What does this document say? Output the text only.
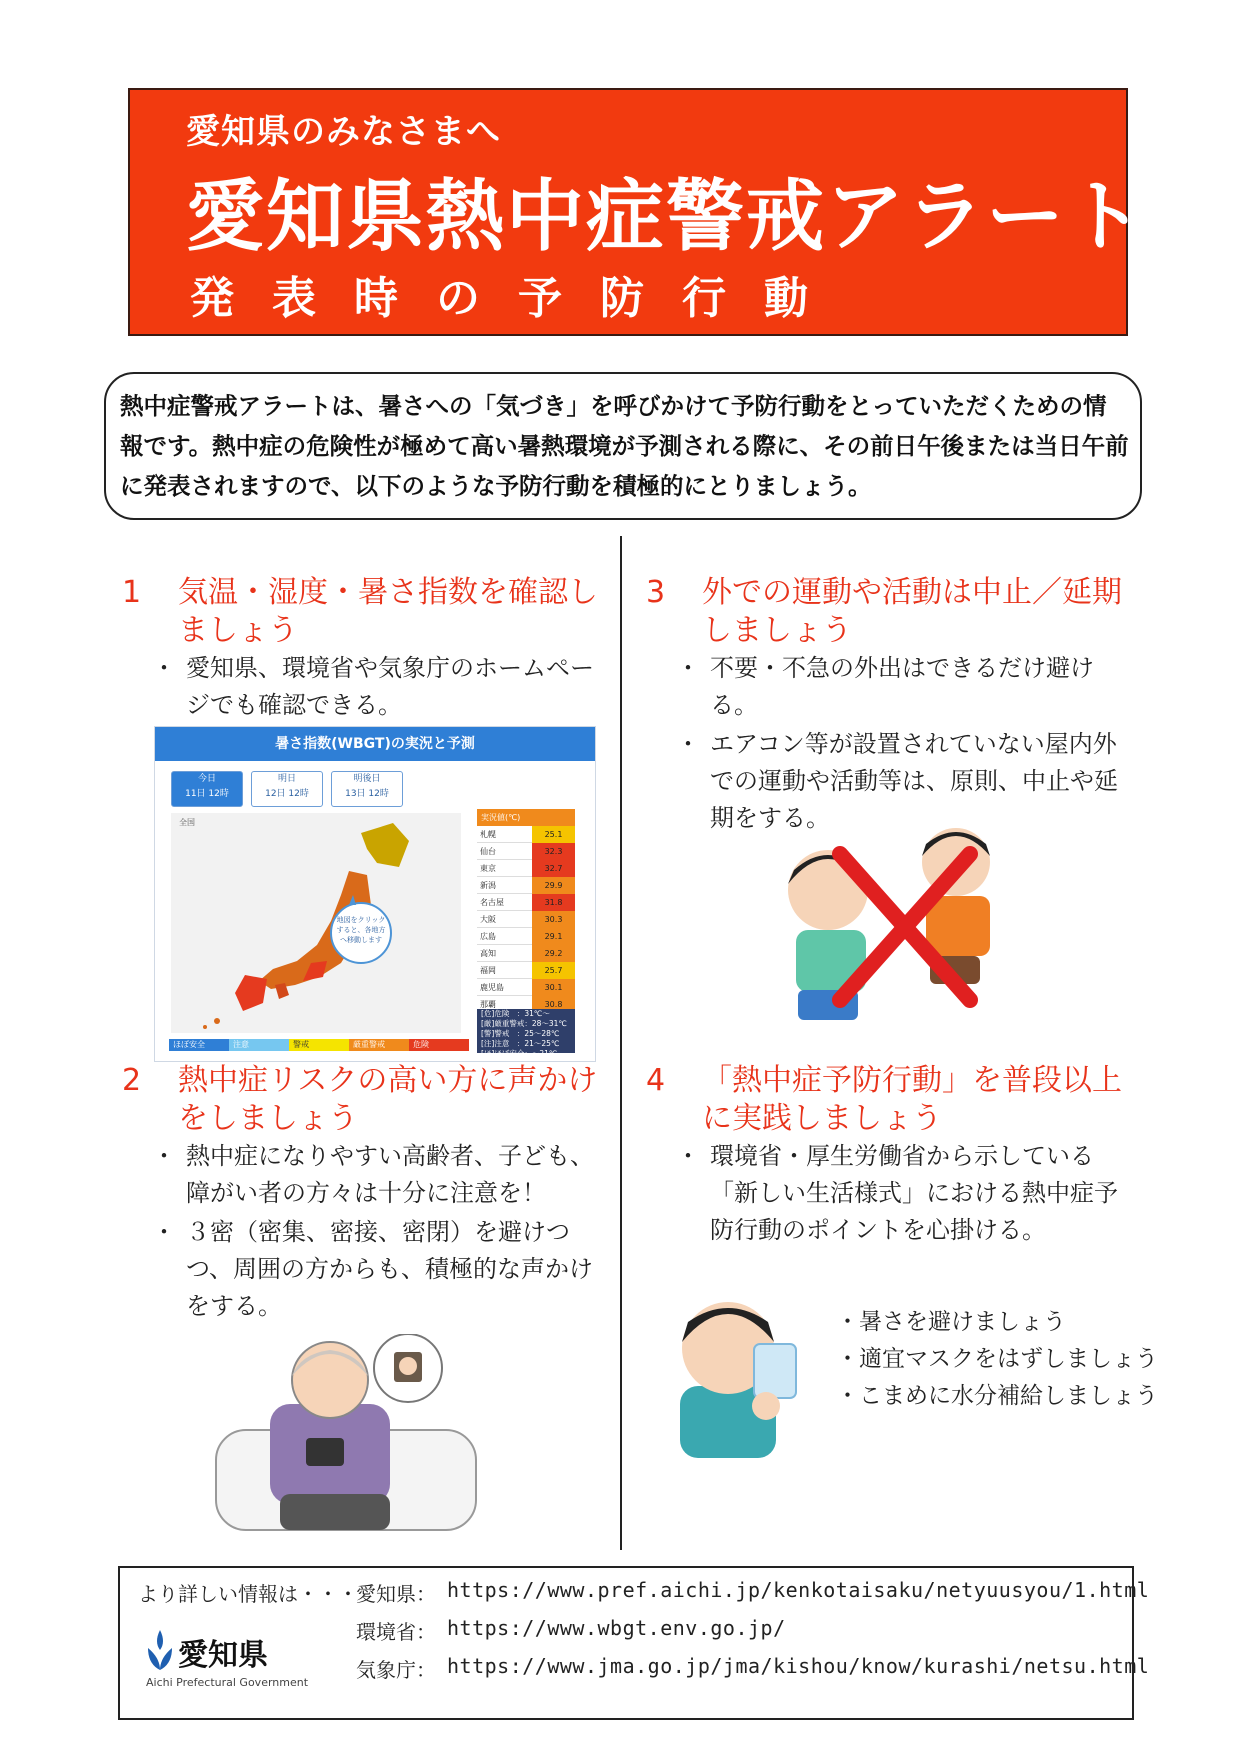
愛知県のみなさまへ
愛知県熱中症警戒アラート
発表時の予防行動
熱中症警戒アラートは、暑さへの「気づき」を呼びかけて予防行動をとっていただくための情報です。熱中症の危険性が極めて高い暑熱環境が予測される際に、その前日午後または当日午前に発表されますので、以下のような予防行動を積極的にとりましょう。
1 気温・湿度・暑さ指数を確認しましょう
・ 愛知県、環境省や気象庁のホームページでも確認できる。
暑さ指数(WBGT)の実況と予測
今日
11日 12時
明日
12日 12時
明後日
13日 12時
全国
地図をクリックすると、各地方へ移動します
実況値(℃)
札幌	25.1
仙台	32.3
東京	32.7
新潟	29.9
名古屋	31.8
大阪	30.3
広島	29.1
高知	29.2
福岡	25.7
鹿児島	30.1
那覇	30.8
[危]危険　：31℃～
[厳]厳重警戒：28～31℃
[警]警戒　：25～28℃
[注]注意　：21～25℃
[ほ]ほぼ安全：～21℃
ほぼ安全	注意	警戒	厳重警戒	危険
2 熱中症リスクの高い方に声かけをしましょう
・ 熱中症になりやすい高齢者、子ども、障がい者の方々は十分に注意を！
・ ３密（密集、密接、密閉）を避けつつ、周囲の方からも、積極的な声かけをする。
3 外での運動や活動は中止／延期しましょう
・ 不要・不急の外出はできるだけ避ける。
・ エアコン等が設置されていない屋内外での運動や活動等は、原則、中止や延期をする。
4 「熱中症予防行動」を普段以上に実践しましょう
・ 環境省・厚生労働省から示している「新しい生活様式」における熱中症予防行動のポイントを心掛ける。
・暑さを避けましょう
・適宜マスクをはずしましょう
・こまめに水分補給しましょう
より詳しい情報は・・・
愛知県： https://www.pref.aichi.jp/kenkotaisaku/netyuusyou/1.html
環境省： https://www.wbgt.env.go.jp/
気象庁： https://www.jma.go.jp/jma/kishou/know/kurashi/netsu.html
愛知県
Aichi Prefectural Government
